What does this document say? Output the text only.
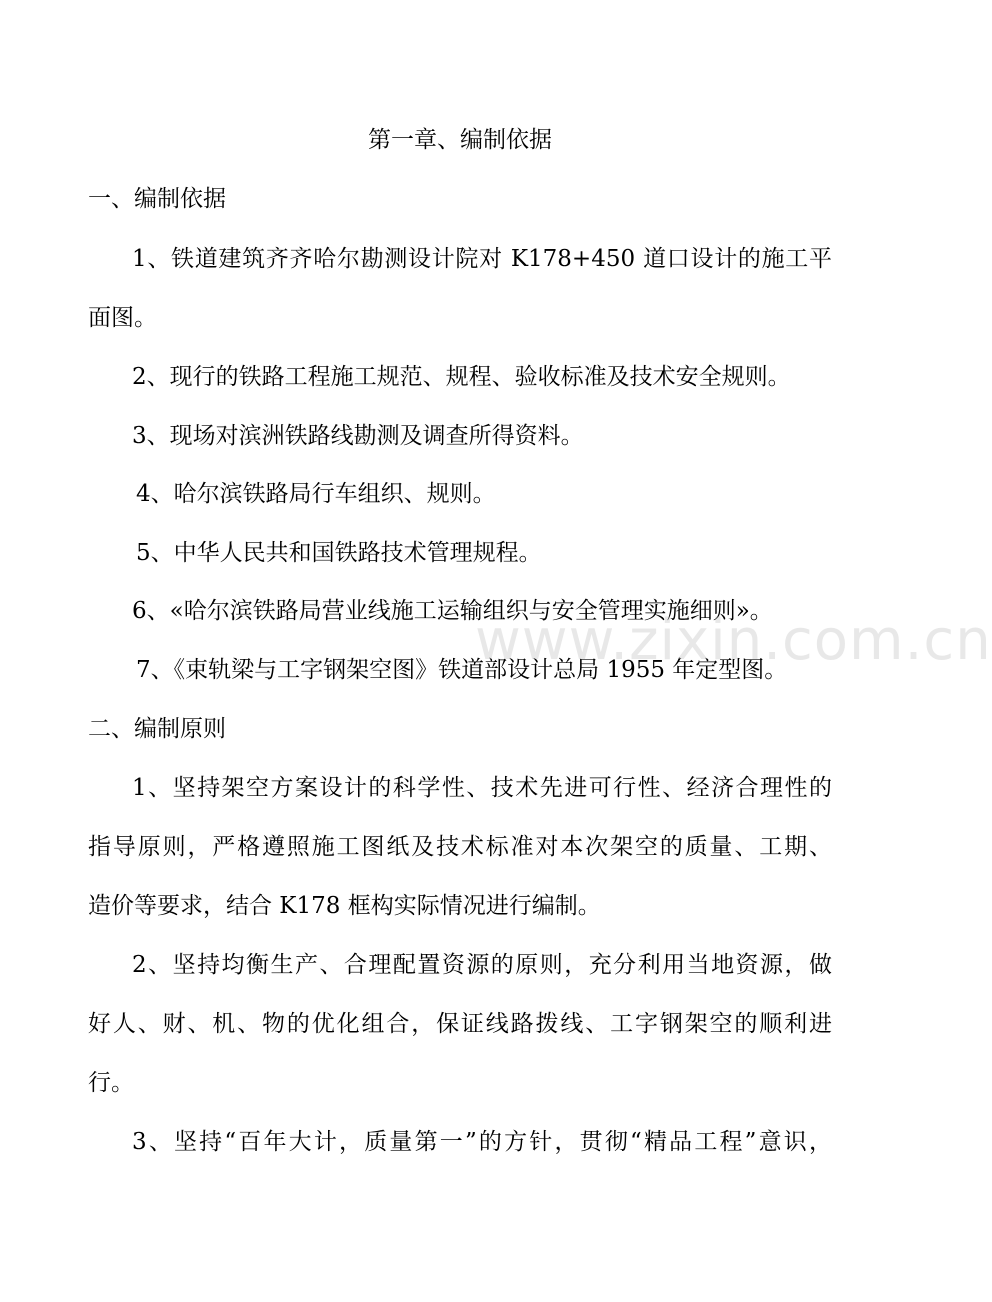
第一章、编制依据
一、编制依据
1、铁道建筑齐齐哈尔勘测设计院对 K178+450 道口设计的施工平
面图。
2、现行的铁路工程施工规范、规程、验收标准及技术安全规则。
3、现场对滨洲铁路线勘测及调查所得资料。
4、哈尔滨铁路局行车组织、规则。
5、中华人民共和国铁路技术管理规程。
6、«哈尔滨铁路局营业线施工运输组织与安全管理实施细则»。
7、《束轨梁与工字钢架空图》铁道部设计总局 1955 年定型图。
二、编制原则
1、坚持架空方案设计的科学性、技术先进可行性、经济合理性的
指导原则，严格遵照施工图纸及技术标准对本次架空的质量、工期、
造价等要求，结合 K178 框构实际情况进行编制。
2、坚持均衡生产、合理配置资源的原则，充分利用当地资源，做
好人、财、机、物的优化组合，保证线路拨线、工字钢架空的顺利进
行。
3、坚持“百年大计，质量第一”的方针，贯彻“精品工程”意识，
www.zixin.com.cn
